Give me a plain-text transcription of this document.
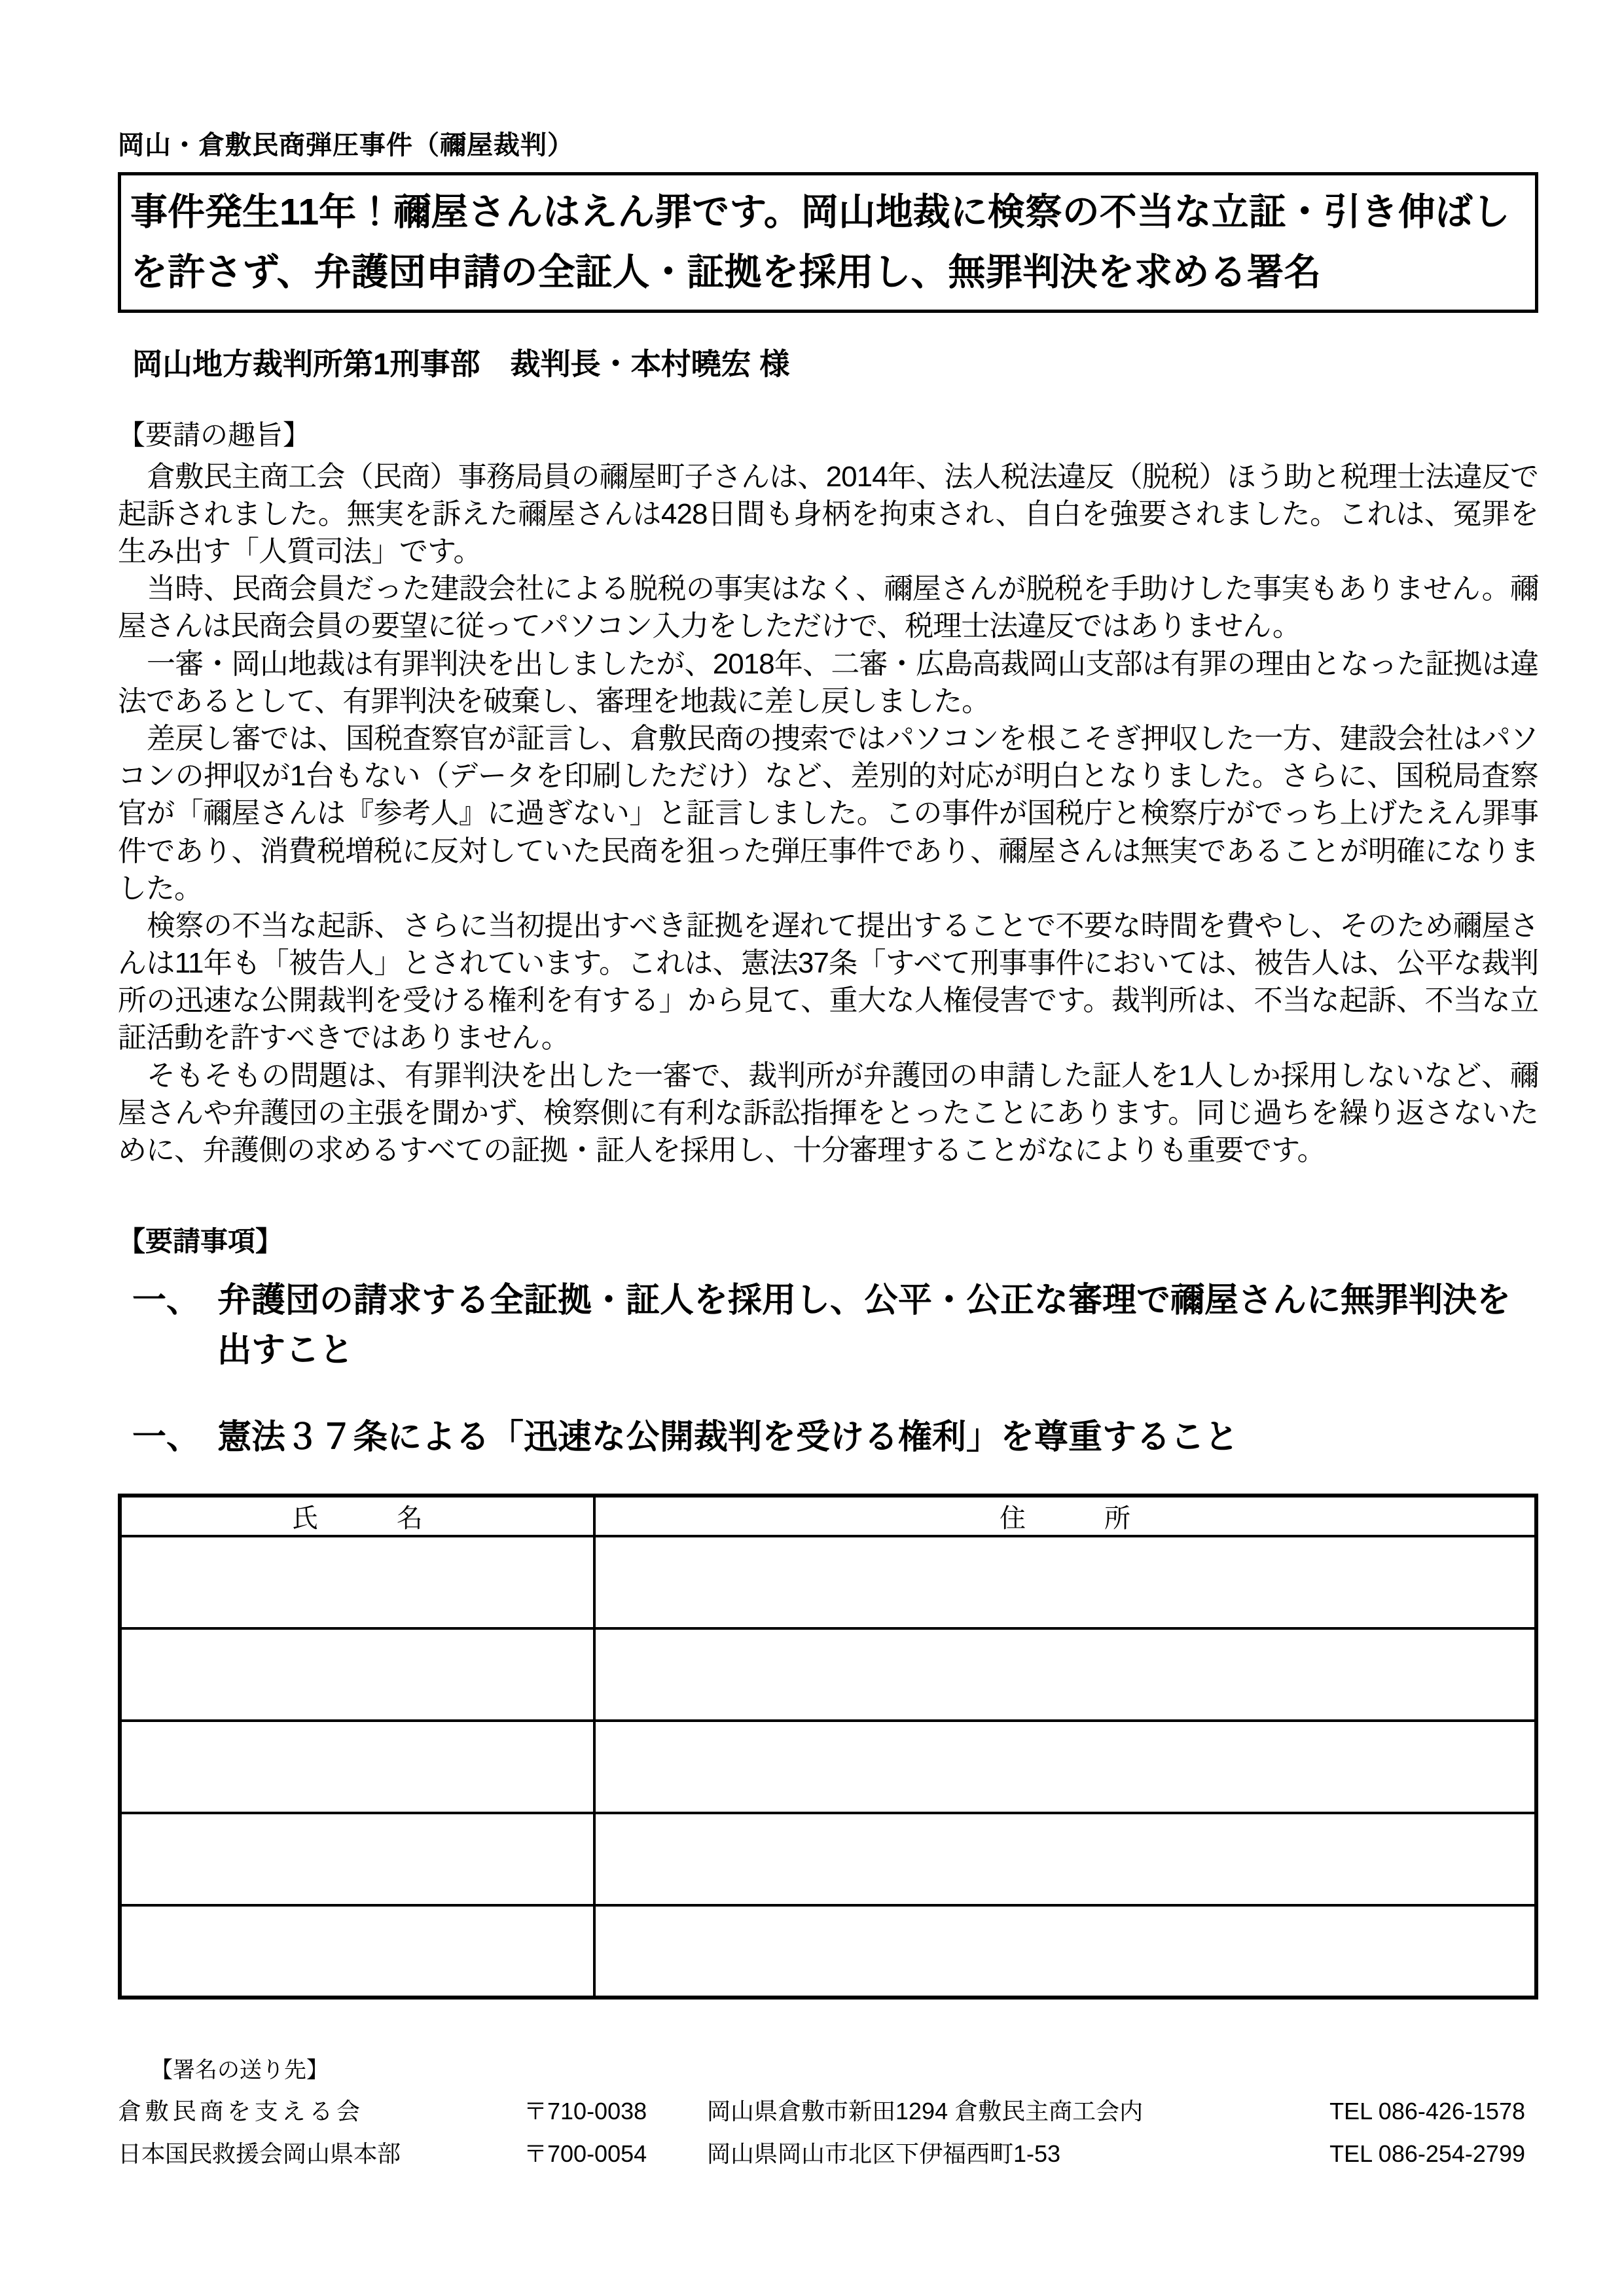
岡山・倉敷民商弾圧事件（禰屋裁判）
事件発生11年！禰屋さんはえん罪です。岡山地裁に検察の不当な立証・引き伸ばしを許さず、弁護団申請の全証人・証拠を採用し、無罪判決を求める署名
岡山地方裁判所第1刑事部　裁判長・本村曉宏 様
【要請の趣旨】

倉敷民主商工会（民商）事務局員の禰屋町子さんは、2014年、法人税法違反（脱税）ほう助と税理士法違反で起訴されました。無実を訴えた禰屋さんは428日間も身柄を拘束され、自白を強要されました。これは、冤罪を生み出す「人質司法」です。

当時、民商会員だった建設会社による脱税の事実はなく、禰屋さんが脱税を手助けした事実もありません。禰屋さんは民商会員の要望に従ってパソコン入力をしただけで、税理士法違反ではありません。

一審・岡山地裁は有罪判決を出しましたが、2018年、二審・広島高裁岡山支部は有罪の理由となった証拠は違法であるとして、有罪判決を破棄し、審理を地裁に差し戻しました。

差戻し審では、国税査察官が証言し、倉敷民商の捜索ではパソコンを根こそぎ押収した一方、建設会社はパソコンの押収が1台もない（データを印刷しただけ）など、差別的対応が明白となりました。さらに、国税局査察官が「禰屋さんは『参考人』に過ぎない」と証言しました。この事件が国税庁と検察庁がでっち上げたえん罪事件であり、消費税増税に反対していた民商を狙った弾圧事件であり、禰屋さんは無実であることが明確になりました。

検察の不当な起訴、さらに当初提出すべき証拠を遅れて提出することで不要な時間を費やし、そのため禰屋さんは11年も「被告人」とされています。これは、憲法37条「すべて刑事事件においては、被告人は、公平な裁判所の迅速な公開裁判を受ける権利を有する」から見て、重大な人権侵害です。裁判所は、不当な起訴、不当な立証活動を許すべきではありません。

そもそもの問題は、有罪判決を出した一審で、裁判所が弁護団の申請した証人を1人しか採用しないなど、禰屋さんや弁護団の主張を聞かず、検察側に有利な訴訟指揮をとったことにあります。同じ過ちを繰り返さないために、弁護側の求めるすべての証拠・証人を採用し、十分審理することがなによりも重要です。

【要請事項】
一、 弁護団の請求する全証拠・証人を採用し、公平・公正な審理で禰屋さんに無罪判決を出すこと
一、 憲法３７条による「迅速な公開裁判を受ける権利」を尊重すること
氏　　　名	住　　　所

【署名の送り先】
倉敷民商を支える会	〒710-0038	岡山県倉敷市新田1294 倉敷民主商工会内	TEL 086-426-1578
日本国民救援会岡山県本部	〒700-0054	岡山県岡山市北区下伊福西町1-53	TEL 086-254-2799
